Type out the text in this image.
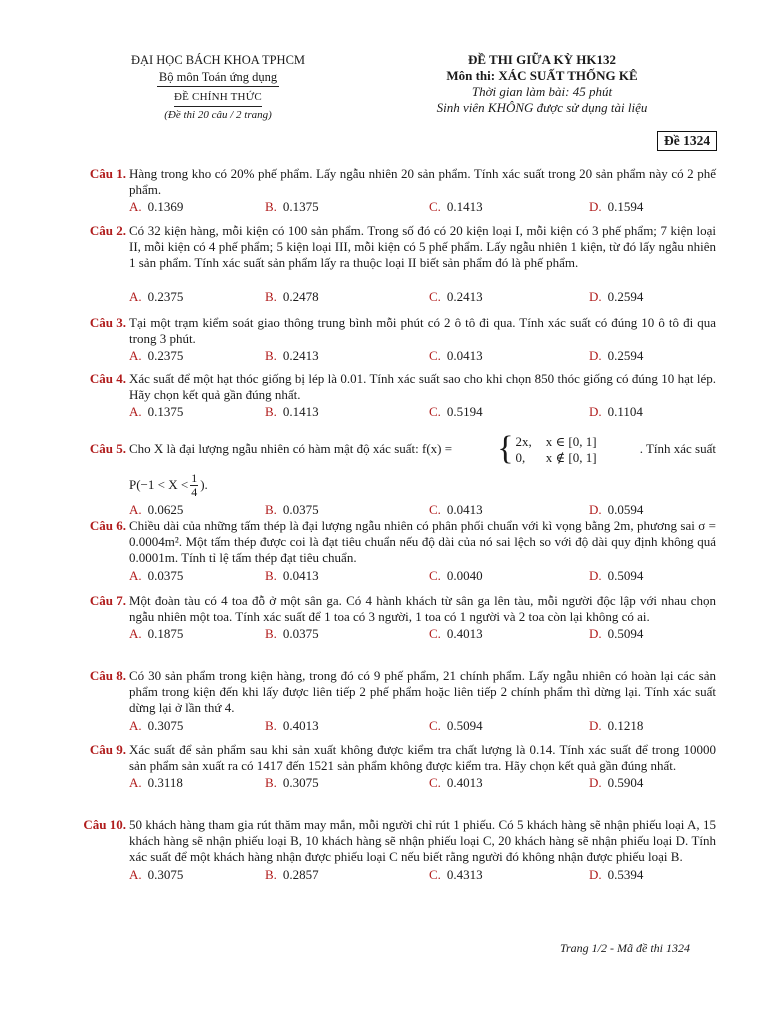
ĐẠI HỌC BÁCH KHOA TPHCM
Bộ môn Toán ứng dụng
ĐỀ CHÍNH THỨC
(Đề thi 20 câu / 2 trang)
ĐỀ THI GIỮA KỲ HK132
Môn thi: XÁC SUẤT THỐNG KÊ
Thời gian làm bài: 45 phút
Sinh viên KHÔNG được sử dụng tài liệu
Đề 1324
Câu 1. Hàng trong kho có 20% phế phẩm. Lấy ngẫu nhiên 20 sản phẩm. Tính xác suất trong 20 sản phẩm này có 2 phế phẩm.
A. 0.1369	B. 0.1375	C. 0.1413	D. 0.1594
Câu 2. Có 32 kiện hàng, mỗi kiện có 100 sản phẩm. Trong số đó có 20 kiện loại I, mỗi kiện có 3 phế phẩm; 7 kiện loại II, mỗi kiện có 4 phế phẩm; 5 kiện loại III, mỗi kiện có 5 phế phẩm. Lấy ngẫu nhiên 1 kiện, từ đó lấy ngẫu nhiên 1 sản phẩm. Tính xác suất sản phẩm lấy ra thuộc loại II biết sản phẩm đó là phế phẩm.
A. 0.2375	B. 0.2478	C. 0.2413	D. 0.2594
Câu 3. Tại một trạm kiểm soát giao thông trung bình mỗi phút có 2 ô tô đi qua. Tính xác suất có đúng 10 ô tô đi qua trong 3 phút.
A. 0.2375	B. 0.2413	C. 0.0413	D. 0.2594
Câu 4. Xác suất để một hạt thóc giống bị lép là 0.01. Tính xác suất sao cho khi chọn 850 thóc giống có đúng 10 hạt lép. Hãy chọn kết quả gần đúng nhất.
A. 0.1375	B. 0.1413	C. 0.5194	D. 0.1104
Câu 5. Cho X là đại lượng ngẫu nhiên có hàm mật độ xác suất: f(x) = { 2x, x ∈ [0, 1]
0,	x ∉ [0, 1]
. Tính xác suất
$P(-1 < X < \frac{1}{4}$ ).
A. 0.0625	B. 0.0375	C. 0.0413	D. 0.0594
Câu 6. Chiều dài của những tấm thép là đại lượng ngẫu nhiên có phân phối chuẩn với kì vọng bằng 2m, phương sai σ = 0.0004m². Một tấm thép được coi là đạt tiêu chuẩn nếu độ dài của nó sai lệch so với độ dài quy định không quá 0.0001m. Tính tỉ lệ tấm thép đạt tiêu chuẩn.
A. 0.0375	B. 0.0413	C. 0.0040	D. 0.5094
Câu 7. Một đoàn tàu có 4 toa đỗ ở một sân ga. Có 4 hành khách từ sân ga lên tàu, mỗi người độc lập với nhau chọn ngẫu nhiên một toa. Tính xác suất để 1 toa có 3 người, 1 toa có 1 người và 2 toa còn lại không có ai.
A. 0.1875	B. 0.0375	C. 0.4013	D. 0.5094
Câu 8. Có 30 sản phẩm trong kiện hàng, trong đó có 9 phế phẩm, 21 chính phẩm. Lấy ngẫu nhiên có hoàn lại các sản phẩm trong kiện đến khi lấy được liên tiếp 2 phế phẩm hoặc liên tiếp 2 chính phẩm thì dừng lại. Tính xác suất dừng lại ở lần thứ 4.
A. 0.3075	B. 0.4013	C. 0.5094	D. 0.1218
Câu 9. Xác suất để sản phẩm sau khi sản xuất không được kiểm tra chất lượng là 0.14. Tính xác suất để trong 10000 sản phẩm sản xuất ra có 1417 đến 1521 sản phẩm không được kiểm tra. Hãy chọn kết quả gần đúng nhất.
A. 0.3118	B. 0.3075	C. 0.4013	D. 0.5904
Câu 10. 50 khách hàng tham gia rút thăm may mắn, mỗi người chỉ rút 1 phiếu. Có 5 khách hàng sẽ nhận phiếu loại A, 15 khách hàng sẽ nhận phiếu loại B, 10 khách hàng sẽ nhận phiếu loại C, 20 khách hàng sẽ nhận phiếu loại D. Tính xác suất để một khách hàng nhận được phiếu loại C nếu biết rằng người đó không nhận được phiếu loại B.
A. 0.3075	B. 0.2857	C. 0.4313	D. 0.5394
Trang 1/2 - Mã đề thi 1324
